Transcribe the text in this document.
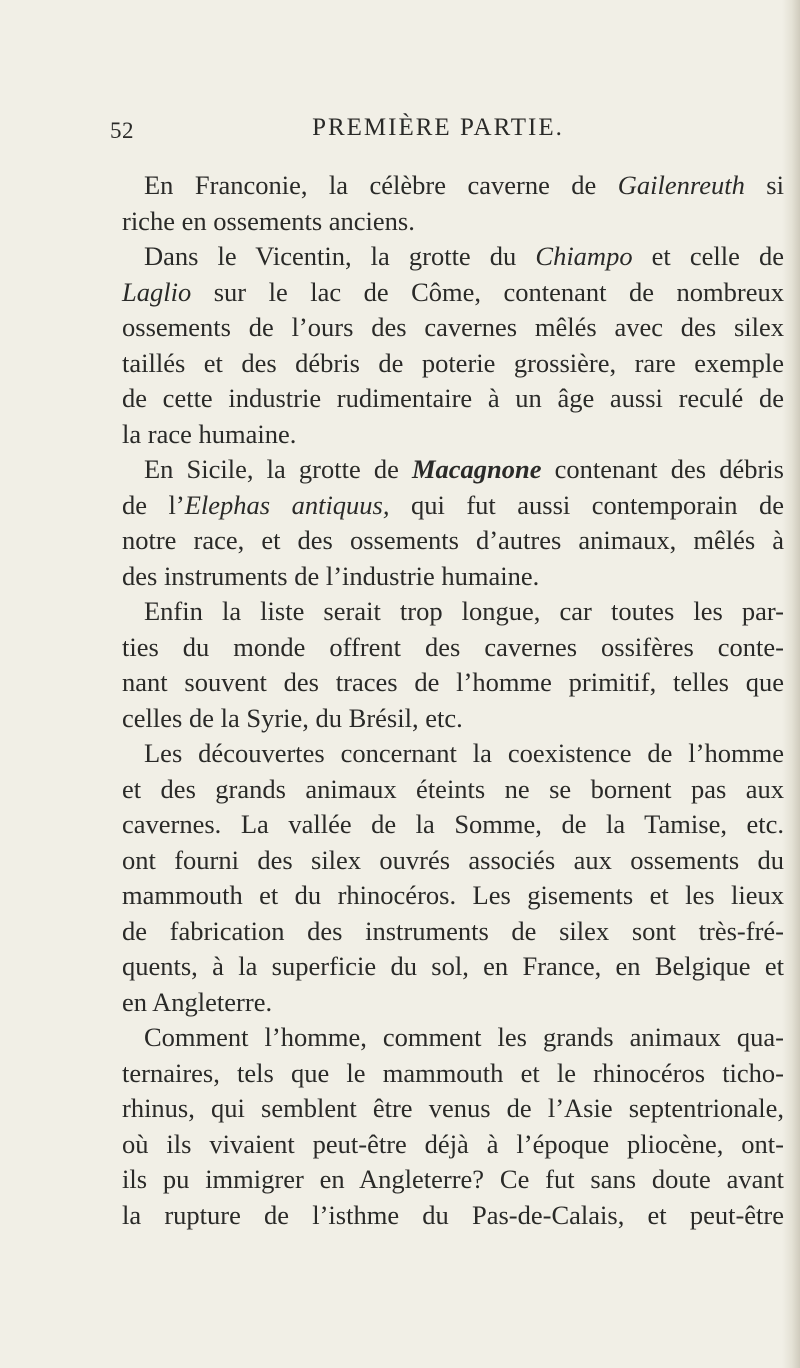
52	PREMIÈRE PARTIE.
En Franconie, la célèbre caverne de Gailenreuth si
riche en ossements anciens.
Dans le Vicentin, la grotte du Chiampo et celle de
Laglio sur le lac de Côme, contenant de nombreux
ossements de l’ours des cavernes mêlés avec des silex
taillés et des débris de poterie grossière, rare exemple
de cette industrie rudimentaire à un âge aussi reculé de
la race humaine.
En Sicile, la grotte de Macagnone contenant des débris
de l’Elephas antiquus, qui fut aussi contemporain de
notre race, et des ossements d’autres animaux, mêlés à
des instruments de l’industrie humaine.
Enfin la liste serait trop longue, car toutes les par-
ties du monde offrent des cavernes ossifères conte-
nant souvent des traces de l’homme primitif, telles que
celles de la Syrie, du Brésil, etc.
Les découvertes concernant la coexistence de l’homme
et des grands animaux éteints ne se bornent pas aux
cavernes. La vallée de la Somme, de la Tamise, etc.
ont fourni des silex ouvrés associés aux ossements du
mammouth et du rhinocéros. Les gisements et les lieux
de fabrication des instruments de silex sont très-fré-
quents, à la superficie du sol, en France, en Belgique et
en Angleterre.
Comment l’homme, comment les grands animaux qua-
ternaires, tels que le mammouth et le rhinocéros ticho-
rhinus, qui semblent être venus de l’Asie septentrionale,
où ils vivaient peut-être déjà à l’époque pliocène, ont-
ils pu immigrer en Angleterre? Ce fut sans doute avant
la rupture de l’isthme du Pas-de-Calais, et peut-être
